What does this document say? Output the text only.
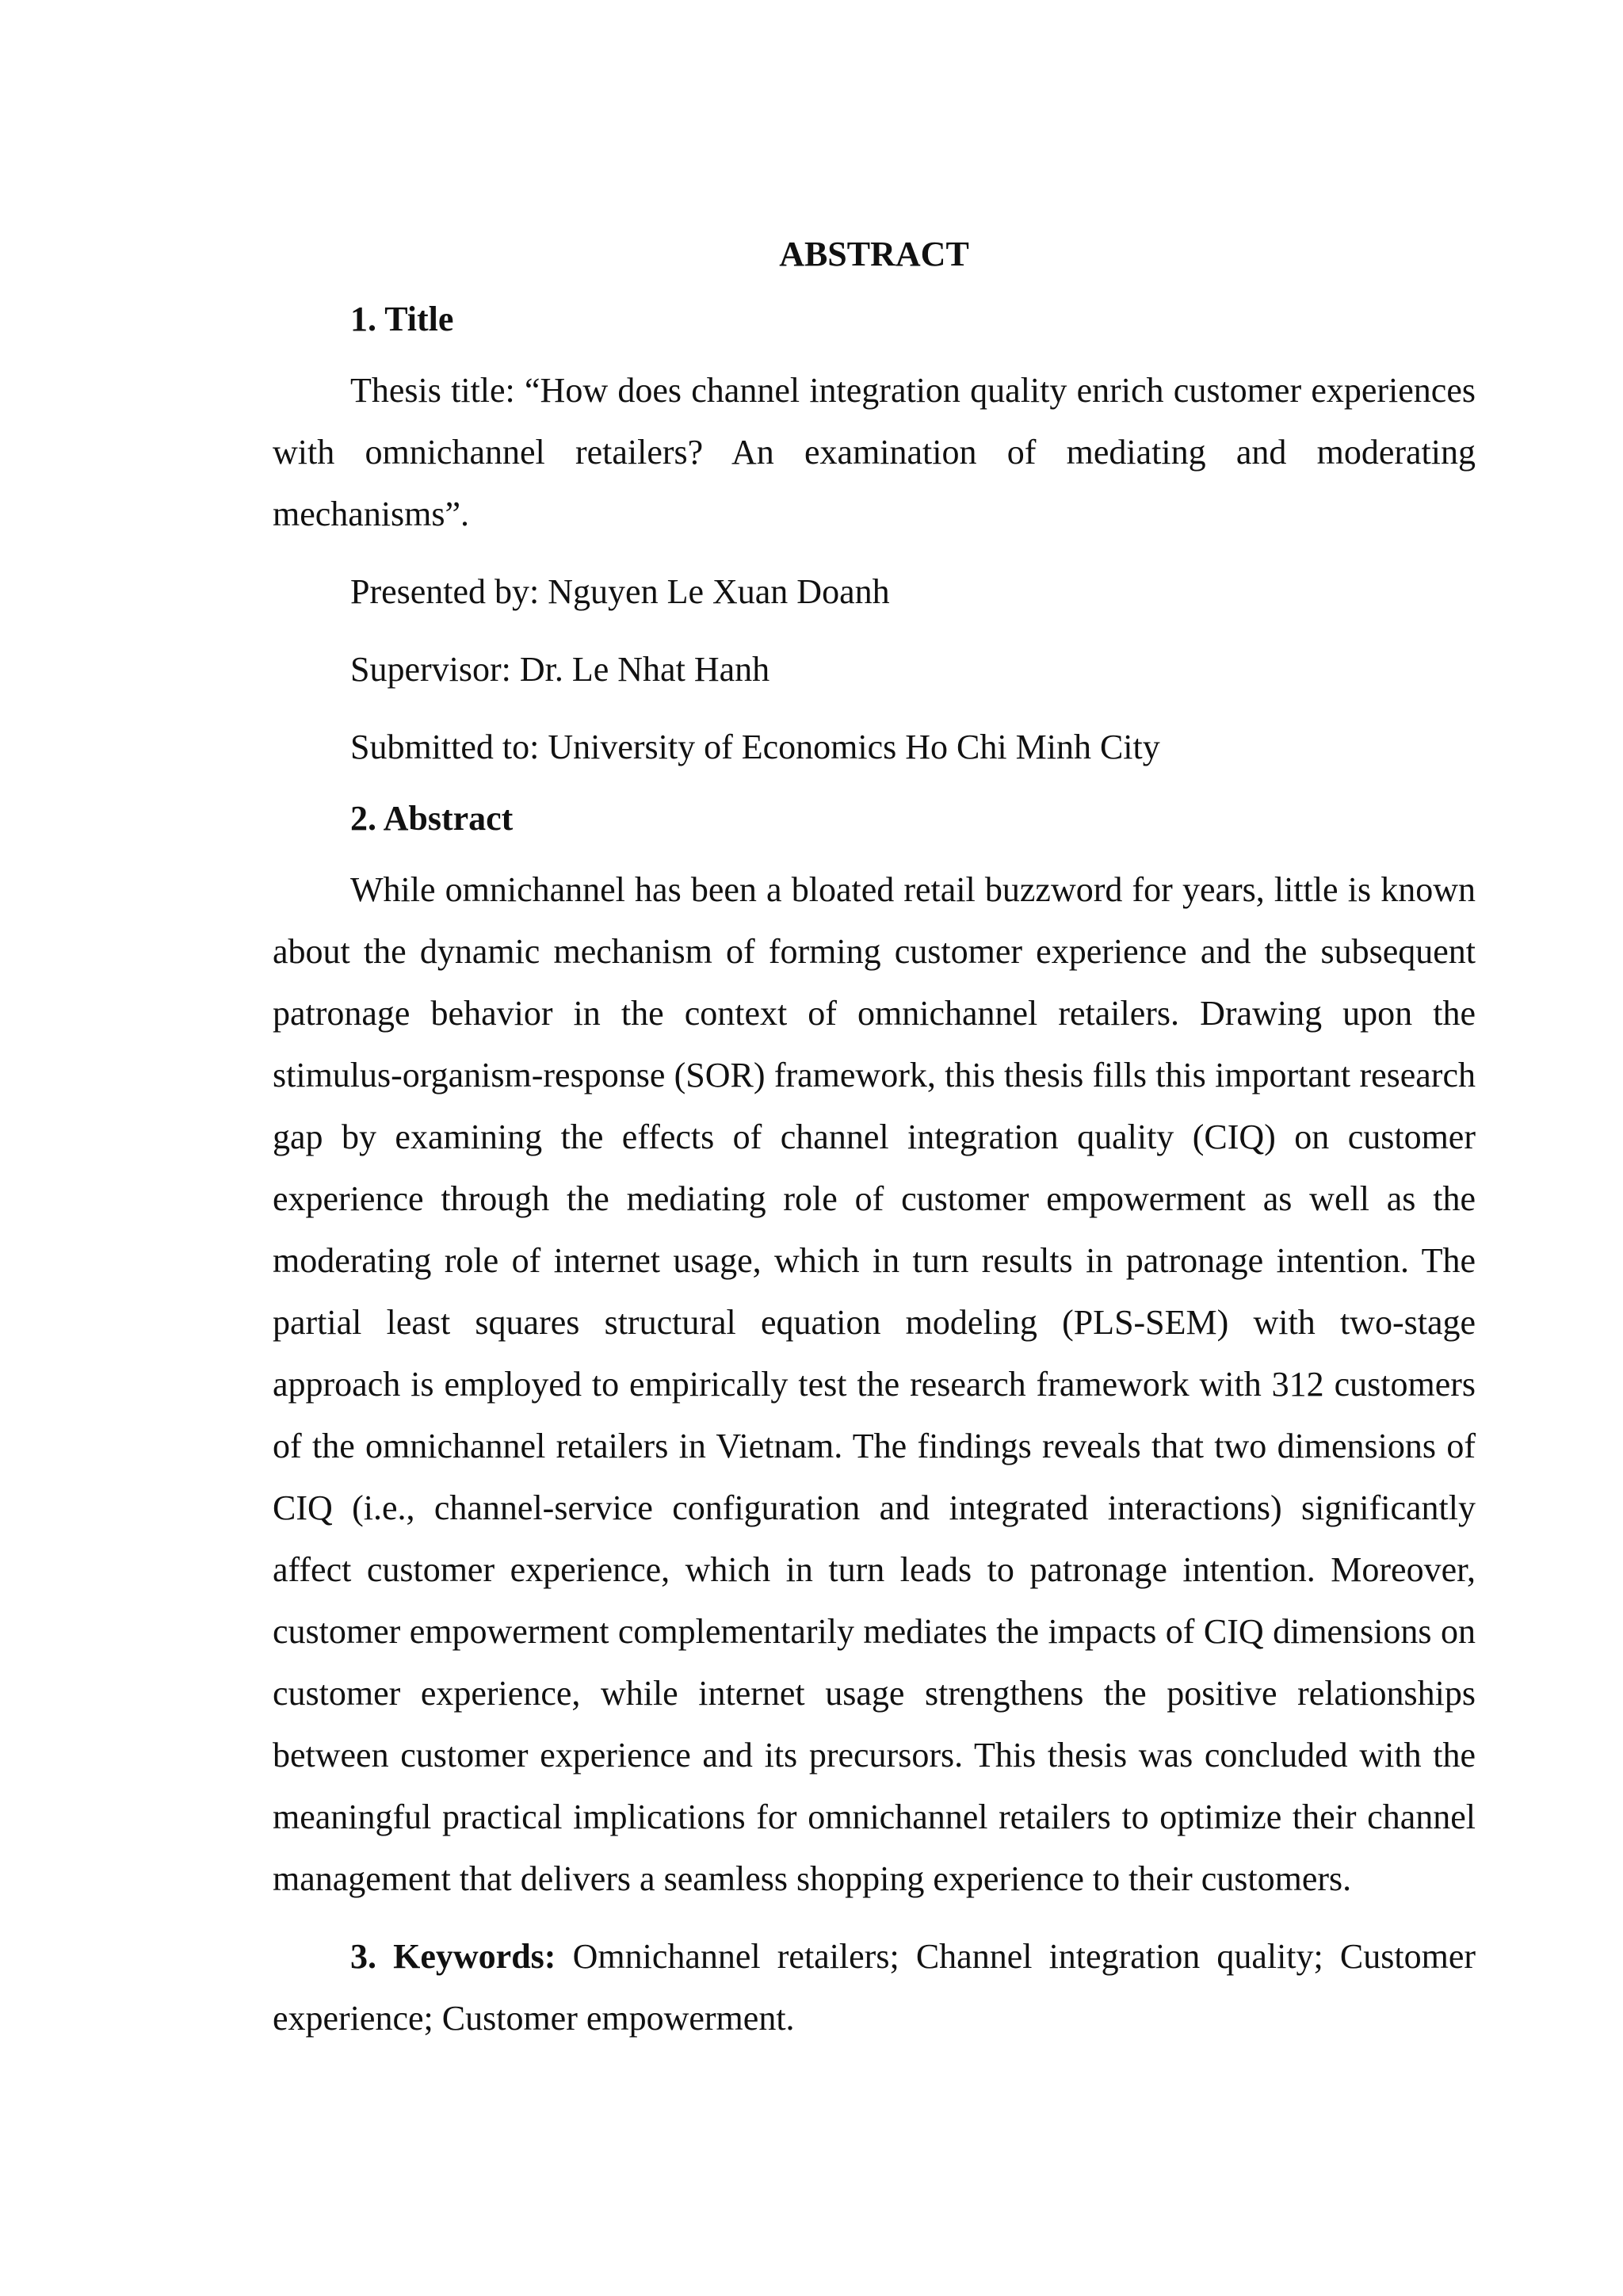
ABSTRACT
1. Title
Thesis title: “How does channel integration quality enrich customer experiences with omnichannel retailers? An examination of mediating and moderating mechanisms”.
Presented by: Nguyen Le Xuan Doanh
Supervisor: Dr. Le Nhat Hanh
Submitted to: University of Economics Ho Chi Minh City
2. Abstract
While omnichannel has been a bloated retail buzzword for years, little is known about the dynamic mechanism of forming customer experience and the subsequent patronage behavior in the context of omnichannel retailers. Drawing upon the stimulus-organism-response (SOR) framework, this thesis fills this important research gap by examining the effects of channel integration quality (CIQ) on customer experience through the mediating role of customer empowerment as well as the moderating role of internet usage, which in turn results in patronage intention. The partial least squares structural equation modeling (PLS-SEM) with two-stage approach is employed to empirically test the research framework with 312 customers of the omnichannel retailers in Vietnam. The findings reveals that two dimensions of CIQ (i.e., channel-service configuration and integrated interactions) significantly affect customer experience, which in turn leads to patronage intention. Moreover, customer empowerment complementarily mediates the impacts of CIQ dimensions on customer experience, while internet usage strengthens the positive relationships between customer experience and its precursors. This thesis was concluded with the meaningful practical implications for omnichannel retailers to optimize their channel management that delivers a seamless shopping experience to their customers.
3. Keywords: Omnichannel retailers; Channel integration quality; Customer experience; Customer empowerment.
